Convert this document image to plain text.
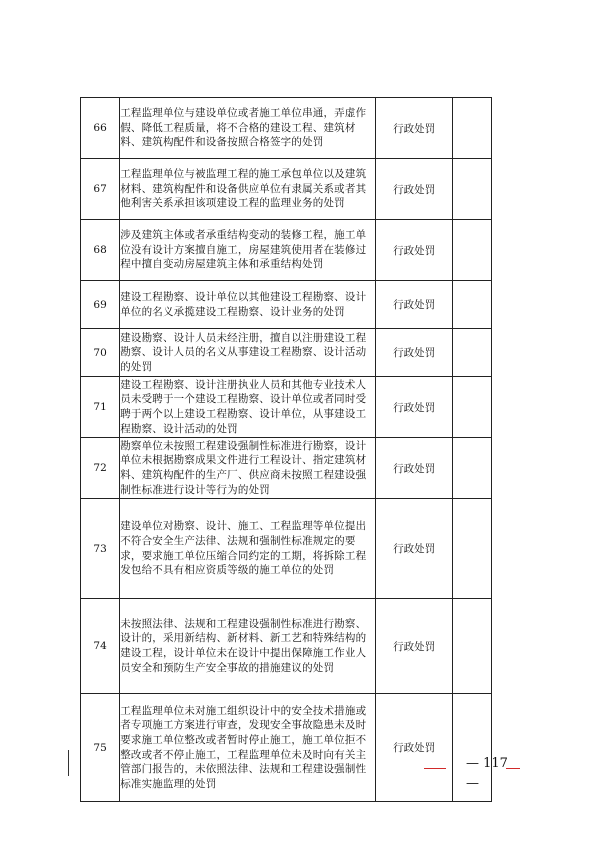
66	工程监理单位与建设单位或者施工单位串通，弄虚作假、降低工程质量，将不合格的建设工程、建筑材料、建筑构配件和设备按照合格签字的处罚	行政处罚	
67	工程监理单位与被监理工程的施工承包单位以及建筑材料、建筑构配件和设备供应单位有隶属关系或者其他利害关系承担该项建设工程的监理业务的处罚	行政处罚	
68	涉及建筑主体或者承重结构变动的装修工程，施工单位没有设计方案擅自施工，房屋建筑使用者在装修过程中擅自变动房屋建筑主体和承重结构处罚	行政处罚	
69	建设工程勘察、设计单位以其他建设工程勘察、设计单位的名义承揽建设工程勘察、设计业务的处罚	行政处罚	
70	建设勘察、设计人员未经注册，擅自以注册建设工程勘察、设计人员的名义从事建设工程勘察、设计活动的处罚	行政处罚	
71	建设工程勘察、设计注册执业人员和其他专业技术人员未受聘于一个建设工程勘察、设计单位或者同时受聘于两个以上建设工程勘察、设计单位，从事建设工程勘察、设计活动的处罚	行政处罚	
72	勘察单位未按照工程建设强制性标准进行勘察，设计单位未根据勘察成果文件进行工程设计、指定建筑材料、建筑构配件的生产厂、供应商未按照工程建设强制性标准进行设计等行为的处罚	行政处罚	
73	建设单位对勘察、设计、施工、工程监理等单位提出不符合安全生产法律、法规和强制性标准规定的要求，要求施工单位压缩合同约定的工期，将拆除工程发包给不具有相应资质等级的施工单位的处罚	行政处罚	
74	未按照法律、法规和工程建设强制性标准进行勘察、设计的，采用新结构、新材料、新工艺和特殊结构的建设工程，设计单位未在设计中提出保障施工作业人员安全和预防生产安全事故的措施建议的处罚	行政处罚	
75	工程监理单位未对施工组织设计中的安全技术措施或者专项施工方案进行审查，发现安全事故隐患未及时要求施工单位整改或者暂时停止施工，施工单位拒不整改或者不停止施工，工程监理单位未及时向有关主管部门报告的，未依照法律、法规和工程建设强制性标准实施监理的处罚	行政处罚	
— 117 —
